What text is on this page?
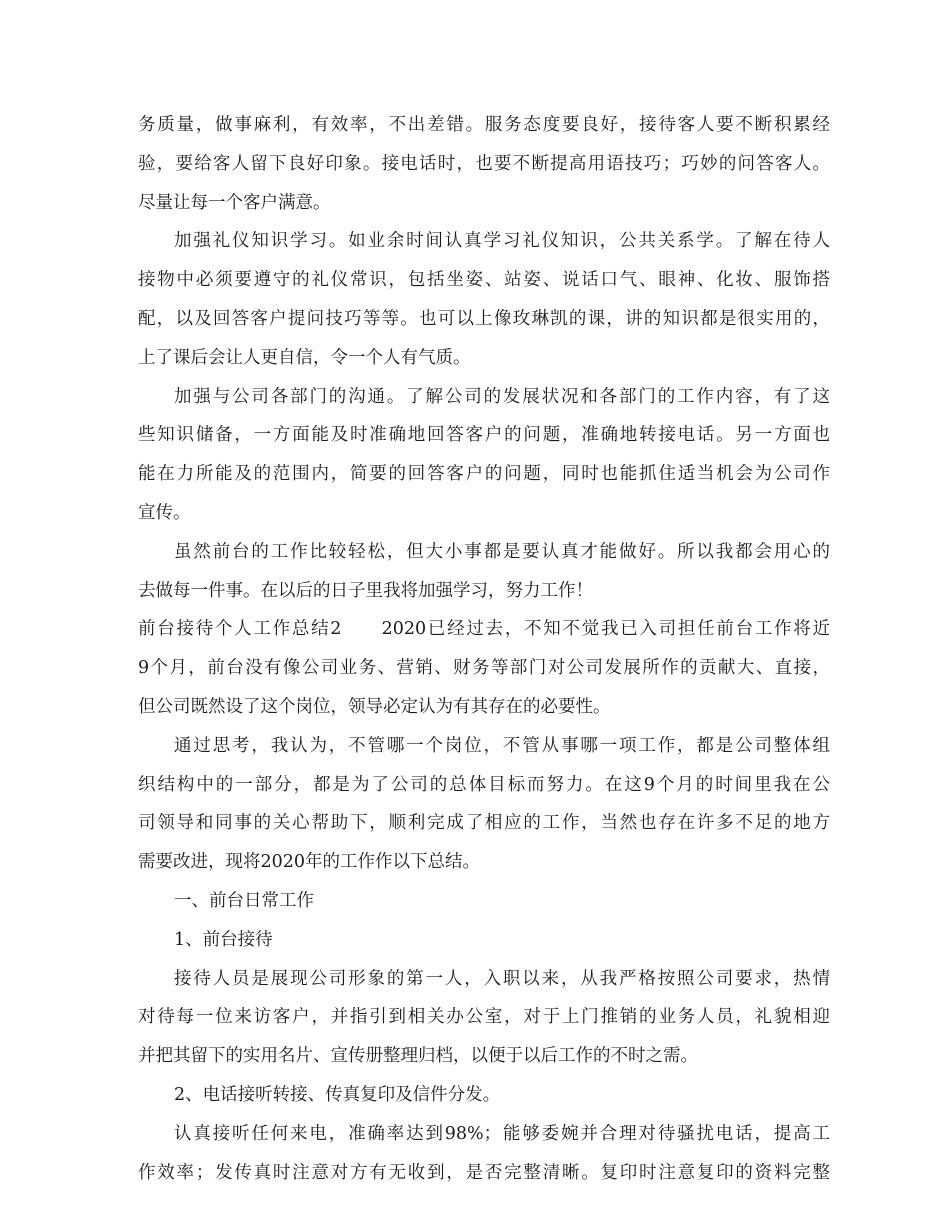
务质量，做事麻利，有效率，不出差错。服务态度要良好，接待客人要不断积累经
验，要给客人留下良好印象。接电话时，也要不断提高用语技巧；巧妙的问答客人。
尽量让每一个客户满意。
加强礼仪知识学习。如业余时间认真学习礼仪知识，公共关系学。了解在待人
接物中必须要遵守的礼仪常识，包括坐姿、站姿、说话口气、眼神、化妆、服饰搭
配，以及回答客户提问技巧等等。也可以上像玫琳凯的课，讲的知识都是很实用的，
上了课后会让人更自信，令一个人有气质。
加强与公司各部门的沟通。了解公司的发展状况和各部门的工作内容，有了这
些知识储备，一方面能及时准确地回答客户的问题，准确地转接电话。另一方面也
能在力所能及的范围内，简要的回答客户的问题，同时也能抓住适当机会为公司作
宣传。
虽然前台的工作比较轻松，但大小事都是要认真才能做好。所以我都会用心的
去做每一件事。在以后的日子里我将加强学习，努力工作！
前台接待个人工作总结2　　2020已经过去，不知不觉我已入司担任前台工作将近
9个月，前台没有像公司业务、营销、财务等部门对公司发展所作的贡献大、直接，
但公司既然设了这个岗位，领导必定认为有其存在的必要性。
通过思考，我认为，不管哪一个岗位，不管从事哪一项工作，都是公司整体组
织结构中的一部分，都是为了公司的总体目标而努力。在这9个月的时间里我在公
司领导和同事的关心帮助下，顺利完成了相应的工作，当然也存在许多不足的地方
需要改进，现将2020年的工作作以下总结。
一、前台日常工作
1、前台接待
接待人员是展现公司形象的第一人，入职以来，从我严格按照公司要求，热情
对待每一位来访客户，并指引到相关办公室，对于上门推销的业务人员，礼貌相迎
并把其留下的实用名片、宣传册整理归档，以便于以后工作的不时之需。
2、电话接听转接、传真复印及信件分发。
认真接听任何来电，准确率达到98%；能够委婉并合理对待骚扰电话，提高工
作效率；发传真时注意对方有无收到，是否完整清晰。复印时注意复印的资料完整
